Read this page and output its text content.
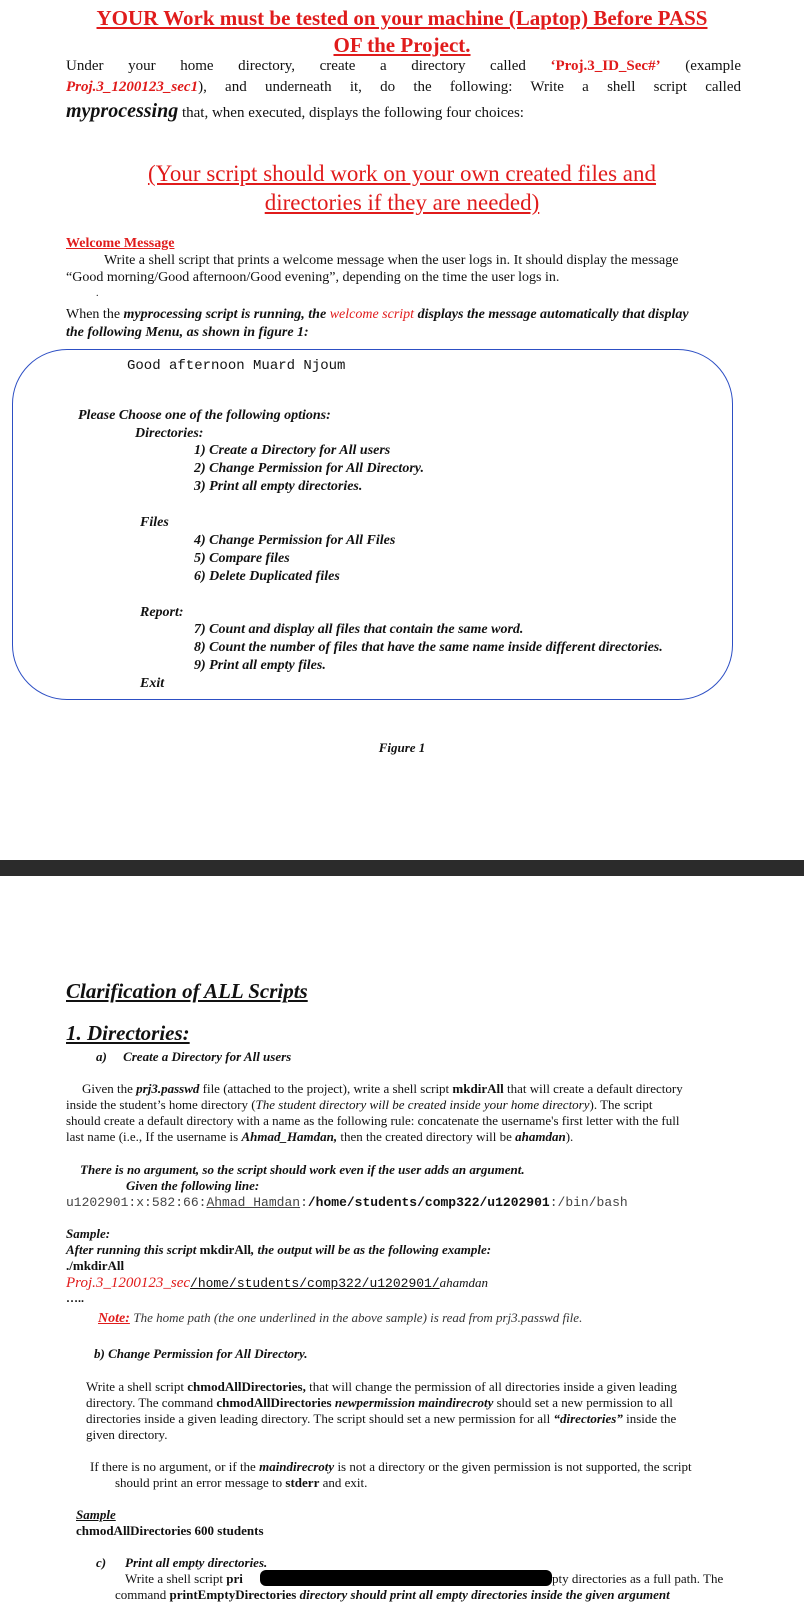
YOUR Work must be tested on your machine (Laptop) Before PASS
OF the Project.
Under your home directory, create a directory called ‘Proj.3_ID_Sec#’ (example
Proj.3_1200123_sec1), and underneath it, do the following: Write a shell script called
myprocessing that, when executed, displays the following four choices:
(Your script should work on your own created files and
directories if they are needed)
Welcome Message
Write a shell script that prints a welcome message when the user logs in. It should display the message
“Good morning/Good afternoon/Good evening”, depending on the time the user logs in.
.
When the myprocessing script is running, the welcome script displays the message automatically that display
the following Menu, as shown in figure 1:
Good afternoon Muard Njoum
Please Choose one of the following options:
Directories:
1) Create a Directory for All users
2) Change Permission for All Directory.
3) Print all empty directories.
Files
4) Change Permission for All Files
5) Compare files
6) Delete Duplicated files
Report:
7) Count and display all files that contain the same word.
8) Count the number of files that have the same name inside different directories.
9) Print all empty files.
Exit
Figure 1
Clarification of ALL Scripts
1. Directories:
a)     Create a Directory for All users
Given the prj3.passwd file (attached to the project), write a shell script mkdirAll that will create a default directory
inside the student’s home directory (The student directory will be created inside your home directory). The script
should create a default directory with a name as the following rule: concatenate the username's first letter with the full
last name (i.e., If the username is Ahmad_Hamdan, then the created directory will be ahamdan).
There is no argument, so the script should work even if the user adds an argument.
Given the following line:
u1202901:x:582:66:Ahmad_Hamdan:/home/students/comp322/u1202901:/bin/bash
Sample:
After running this script mkdirAll, the output will be as the following example:
./mkdirAll
Proj.3_1200123_sec/home/students/comp322/u1202901/ahamdan
…..
Note: The home path (the one underlined in the above sample) is read from prj3.passwd file.
b) Change Permission for All Directory.
Write a shell script chmodAllDirectories, that will change the permission of all directories inside a given leading
directory. The command chmodAllDirectories newpermission maindirecroty should set a new permission to all
directories inside a given leading directory. The script should set a new permission for all “directories” inside the
given directory.
If there is no argument, or if the maindirecroty is not a directory or the given permission is not supported, the script
should print an error message to stderr and exit.
Sample
chmodAllDirectories 600 students
c) Print all empty directories.
Write a shell script pri	pty directories as a full path. The
command printEmptyDirectories directory should print all empty directories inside the given argument
